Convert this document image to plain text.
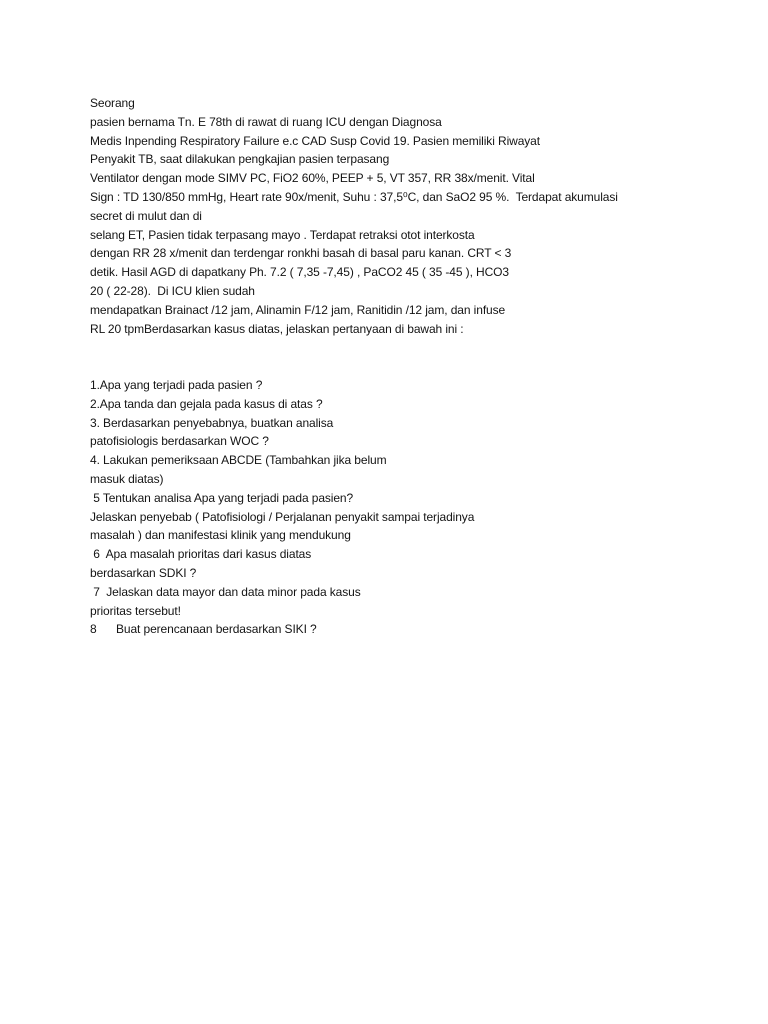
Seorang
pasien bernama Tn. E 78th di rawat di ruang ICU dengan Diagnosa
Medis Inpending Respiratory Failure e.c CAD Susp Covid 19. Pasien memiliki Riwayat
Penyakit TB, saat dilakukan pengkajian pasien terpasang
Ventilator dengan mode SIMV PC, FiO2 60%, PEEP + 5, VT 357, RR 38x/menit. Vital
Sign : TD 130/850 mmHg, Heart rate 90x/menit, Suhu : 37,5⁰C, dan SaO2 95 %.  Terdapat akumulasi
secret di mulut dan di
selang ET, Pasien tidak terpasang mayo . Terdapat retraksi otot interkosta
dengan RR 28 x/menit dan terdengar ronkhi basah di basal paru kanan. CRT < 3
detik. Hasil AGD di dapatkany Ph. 7.2 ( 7,35 -7,45) , PaCO2 45 ( 35 -45 ), HCO3
20 ( 22-28).  Di ICU klien sudah
mendapatkan Brainact /12 jam, Alinamin F/12 jam, Ranitidin /12 jam, dan infuse
RL 20 tpmBerdasarkan kasus diatas, jelaskan pertanyaan di bawah ini :
1.Apa yang terjadi pada pasien ?
2.Apa tanda dan gejala pada kasus di atas ?
3. Berdasarkan penyebabnya, buatkan analisa
patofisiologis berdasarkan WOC ?
4. Lakukan pemeriksaan ABCDE (Tambahkan jika belum
masuk diatas)
5 Tentukan analisa Apa yang terjadi pada pasien?
Jelaskan penyebab ( Patofisiologi / Perjalanan penyakit sampai terjadinya
masalah ) dan manifestasi klinik yang mendukung
6  Apa masalah prioritas dari kasus diatas
berdasarkan SDKI ?
7  Jelaskan data mayor dan data minor pada kasus
prioritas tersebut!
8      Buat perencanaan berdasarkan SIKI ?
